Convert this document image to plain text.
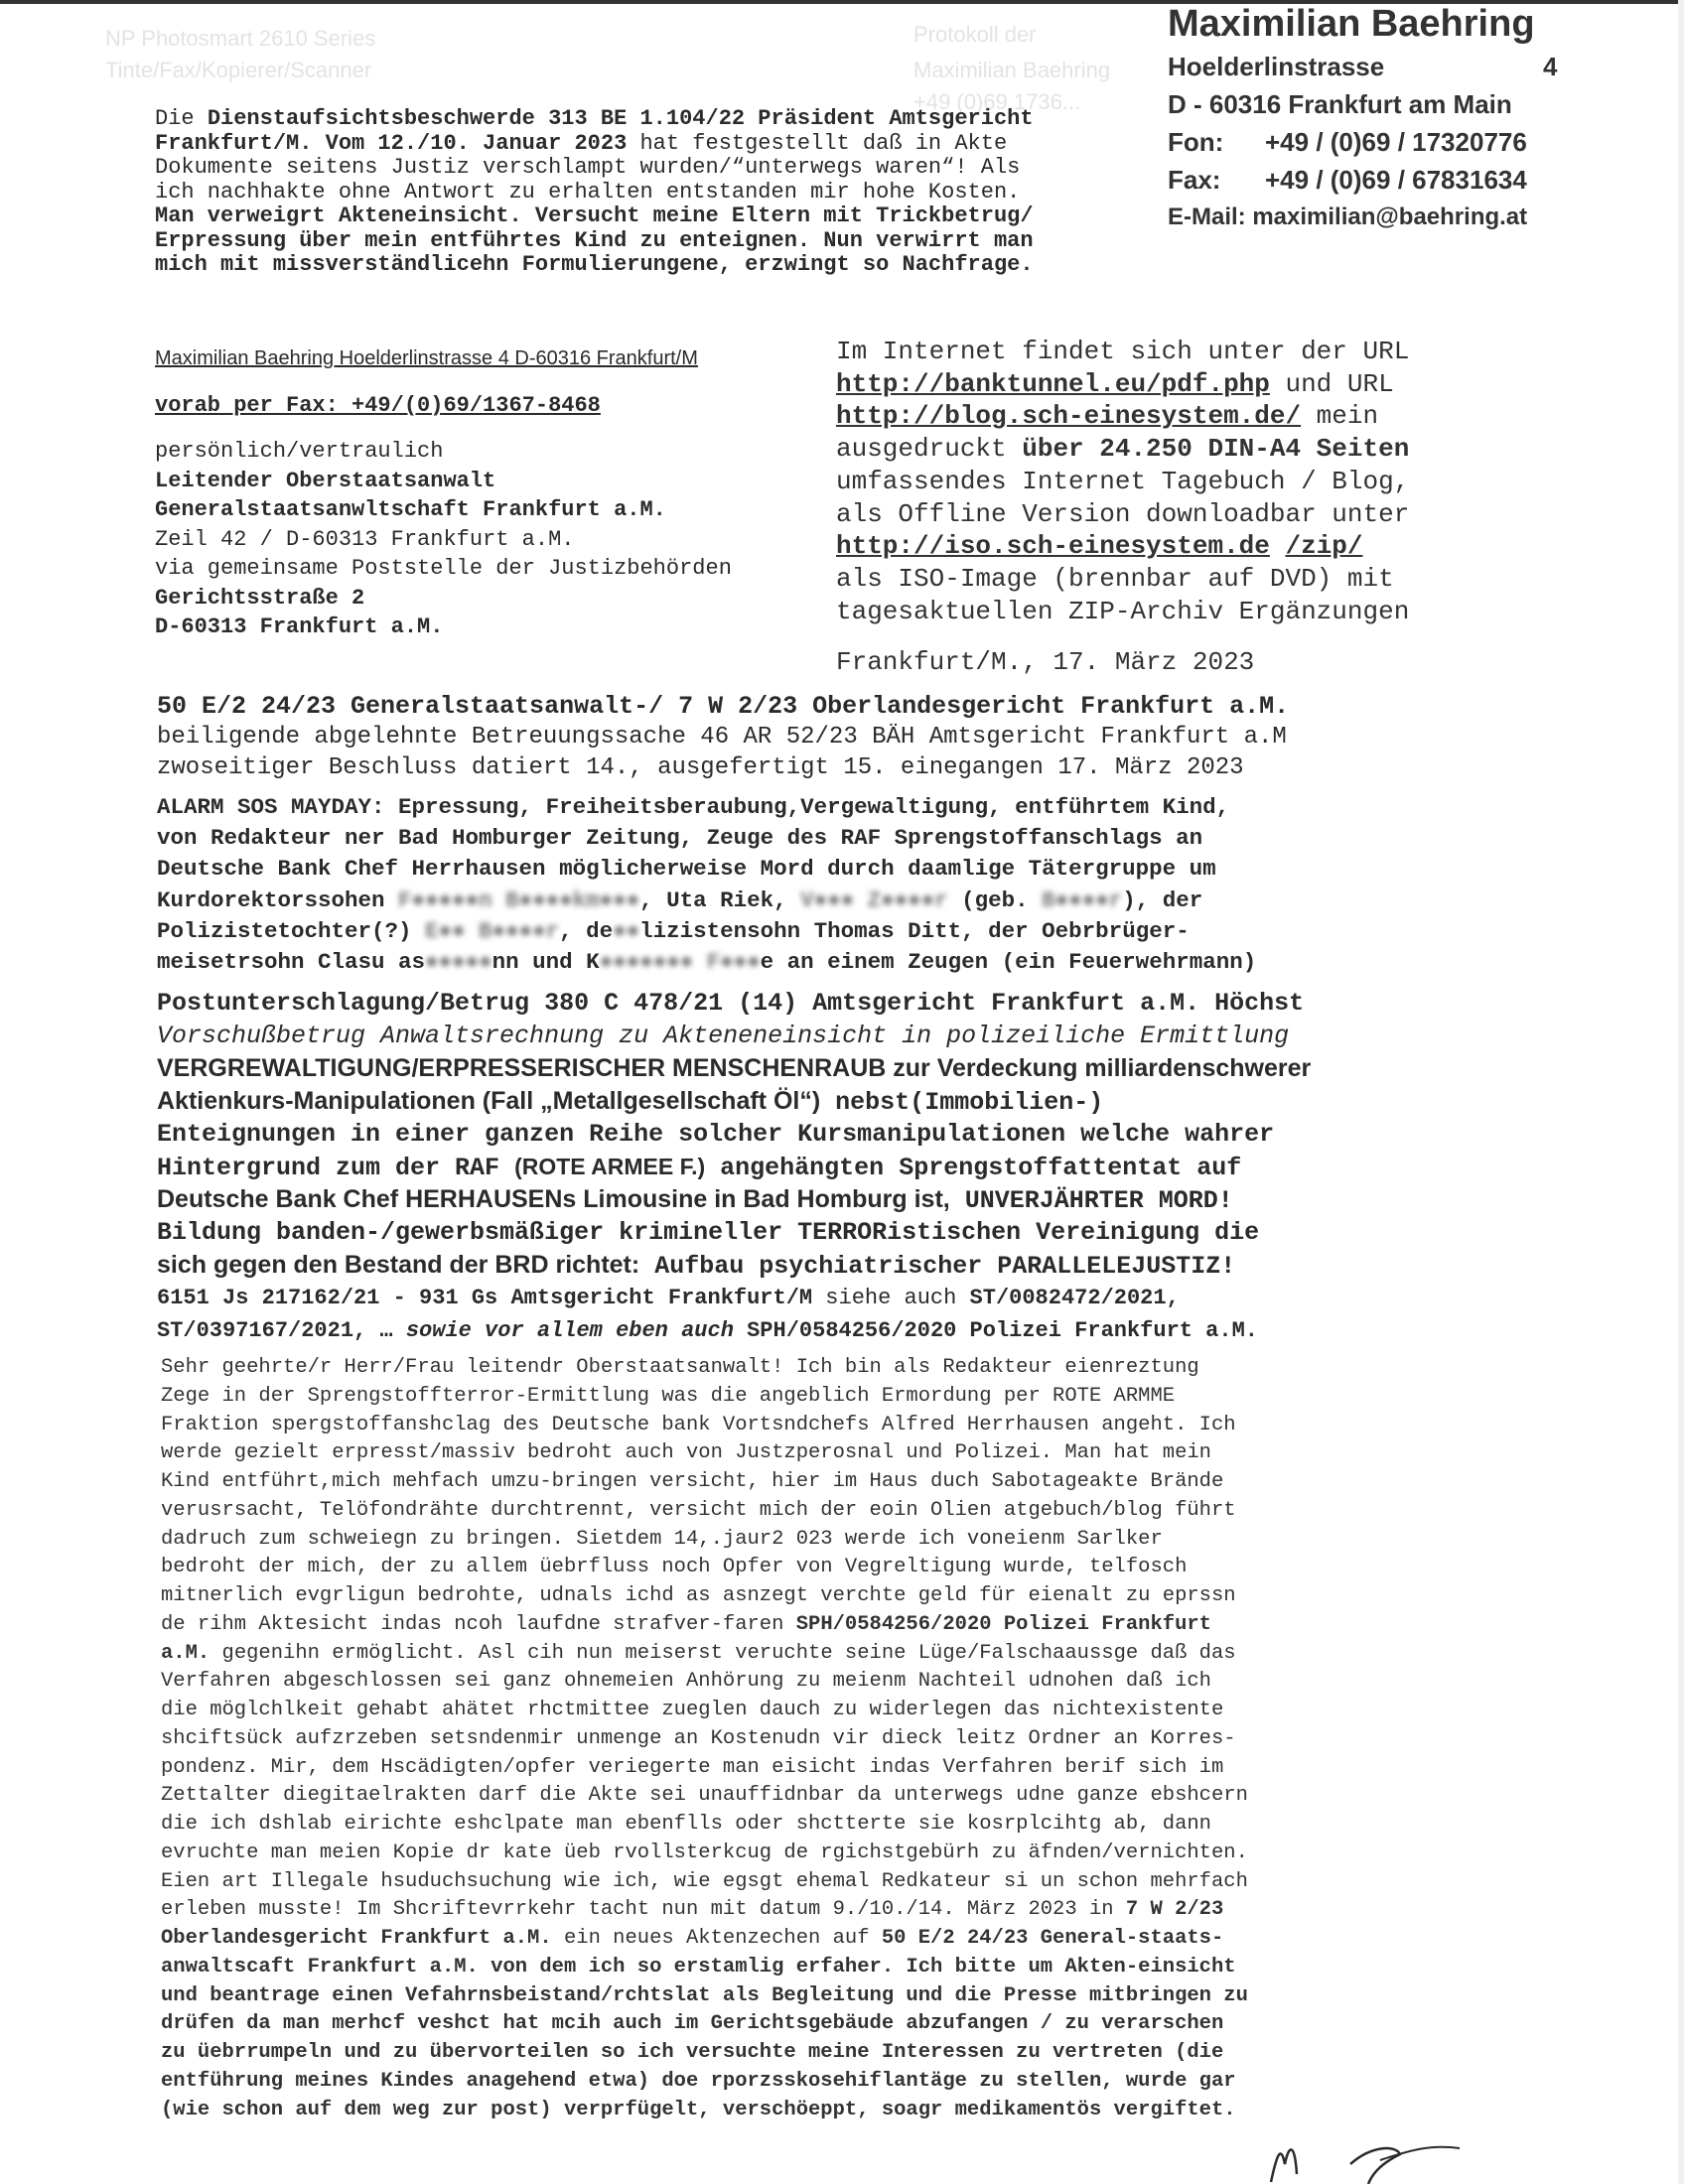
NP Photosmart 2610 Series
Tinte/Fax/Kopierer/Scanner
Protokoll der
Maximilian Baehring
+49 (0)69 1736...
Maximilian Baehring
Hoelderlinstrasse	4
D - 60316 Frankfurt am Main
Fon: +49 / (0)69 / 17320776
Fax: +49 / (0)69 / 67831634
E-Mail: maximilian@baehring.at
Die Dienstaufsichtsbeschwerde 313 BE 1.104/22 Präsident Amtsgericht
Frankfurt/M. Vom 12./10. Januar 2023 hat festgestellt daß in Akte
Dokumente seitens Justiz verschlampt wurden/“unterwegs waren“! Als
ich nachhakte ohne Antwort zu erhalten entstanden mir hohe Kosten.
Man verweigrt Akteneinsicht. Versucht meine Eltern mit Trickbetrug/
Erpressung über mein entführtes Kind zu enteignen. Nun verwirrt man
mich mit missverständlicehn Formulierungene, erzwingt so Nachfrage.
Maximilian Baehring Hoelderlinstrasse 4 D-60316 Frankfurt/M
vorab per Fax: +49/(0)69/1367-8468
persönlich/vertraulich
Leitender Oberstaatsanwalt
Generalstaatsanwltschaft Frankfurt a.M.
Zeil 42 / D-60313 Frankfurt a.M.
via gemeinsame Poststelle der Justizbehörden
Gerichtsstraße 2
D-60313 Frankfurt a.M.
Im Internet findet sich unter der URL
http://banktunnel.eu/pdf.php und URL
http://blog.sch-einesystem.de/ mein
ausgedruckt über 24.250 DIN-A4 Seiten
umfassendes Internet Tagebuch / Blog,
als Offline Version downloadbar unter
http://iso.sch-einesystem.de /zip/
als ISO-Image (brennbar auf DVD) mit
tagesaktuellen ZIP-Archiv Ergänzungen
Frankfurt/M., 17. März 2023
50 E/2 24/23 Generalstaatsanwalt-/ 7 W 2/23 Oberlandesgericht Frankfurt a.M.
beiligende abgelehnte Betreuungssache 46 AR 52/23 BÄH Amtsgericht Frankfurt a.M
zwoseitiger Beschluss datiert 14., ausgefertigt 15. einegangen 17. März 2023
ALARM SOS MAYDAY: Epressung, Freiheitsberaubung,Vergewaltigung, entführtem Kind,
von Redakteur ner Bad Homburger Zeitung, Zeuge des RAF Sprengstoffanschlags an
Deutsche Bank Chef Herrhausen möglicherweise Mord durch daamlige Tätergruppe um
Kurdorektorssohen F●●●●●n B●●●●km●●●, Uta Riek, V●●● Z●●●●r (geb. B●●●●r), der
Polizistetochter(?) E●● B●●●●r, de●●lizistensohn Thomas Ditt, der Oebrbrüger-
meisetrsohn Clasu as●●●●●nn und K●●●●●●● F●●●e an einem Zeugen (ein Feuerwehrmann)
Postunterschlagung/Betrug 380 C 478/21 (14) Amtsgericht Frankfurt a.M. Höchst
Vorschußbetrug Anwaltsrechnung zu Akteneneinsicht in polizeiliche Ermittlung
VERGREWALTIGUNG/ERPRESSERISCHER MENSCHENRAUB zur Verdeckung milliardenschwerer
Aktienkurs-Manipulationen (Fall „Metallgesellschaft Öl“) nebst(Immobilien-)
Enteignungen in einer ganzen Reihe solcher Kursmanipulationen welche wahrer
Hintergrund zum der RAF (ROTE ARMEE F.) angehängten Sprengstoffattentat auf
Deutsche Bank Chef HERHAUSENs Limousine in Bad Homburg ist, UNVERJÄHRTER MORD!
Bildung banden-/gewerbsmäßiger krimineller TERRORistischen Vereinigung die
sich gegen den Bestand der BRD richtet: Aufbau psychiatrischer PARALLELEJUSTIZ!
6151 Js 217162/21 - 931 Gs Amtsgericht Frankfurt/M siehe auch ST/0082472/2021,
ST/0397167/2021, … sowie vor allem eben auch SPH/0584256/2020 Polizei Frankfurt a.M.
Sehr geehrte/r Herr/Frau leitendr Oberstaatsanwalt! Ich bin als Redakteur eienreztung
Zege in der Sprengstoffterror-Ermittlung was die angeblich Ermordung per ROTE ARMME
Fraktion spergstoffanshclag des Deutsche bank Vortsndchefs Alfred Herrhausen angeht. Ich
werde gezielt erpresst/massiv bedroht auch von Justzperosnal und Polizei. Man hat mein
Kind entführt,mich mehfach umzu-bringen versicht, hier im Haus duch Sabotageakte Brände
verusrsacht, Telöfondrähte durchtrennt, versicht mich der eoin Olien atgebuch/blog führt
dadruch zum schweiegn zu bringen. Sietdem 14,.jaur2 023 werde ich voneienm Sarlker
bedroht der mich, der zu allem üebrfluss noch Opfer von Vegreltigung wurde, telfosch
mitnerlich evgrligun bedrohte, udnals ichd as asnzegt verchte geld für eienalt zu eprssn
de rihm Aktesicht indas ncoh laufdne strafver-faren SPH/0584256/2020 Polizei Frankfurt
a.M. gegenihn ermöglicht. Asl cih nun meiserst veruchte seine Lüge/Falschaaussge daß das
Verfahren abgeschlossen sei ganz ohnemeien Anhörung zu meienm Nachteil udnohen daß ich
die möglchlkeit gehabt ahätet rhctmittee zueglen dauch zu widerlegen das nichtexistente
shciftsück aufzrzeben setsndenmir unmenge an Kostenudn vir dieck leitz Ordner an Korres-
pondenz. Mir, dem Hscädigten/opfer veriegerte man eisicht indas Verfahren berif sich im
Zettalter diegitaelrakten darf die Akte sei unauffidnbar da unterwegs udne ganze ebshcern
die ich dshlab eirichte eshclpate man ebenflls oder shctterte sie kosrplcihtg ab, dann
evruchte man meien Kopie dr kate üeb rvollsterkcug de rgichstgebürh zu äfnden/vernichten.
Eien art Illegale hsuduchsuchung wie ich, wie egsgt ehemal Redkateur si un schon mehrfach
erleben musste! Im Shcriftevrrkehr tacht nun mit datum 9./10./14. März 2023 in 7 W 2/23
Oberlandesgericht Frankfurt a.M. ein neues Aktenzechen auf 50 E/2 24/23 General-staats-
anwaltscaft Frankfurt a.M. von dem ich so erstamlig erfaher. Ich bitte um Akten-einsicht
und beantrage einen Vefahrnsbeistand/rchtslat als Begleitung und die Presse mitbringen zu
drüfen da man merhcf veshct hat mcih auch im Gerichtsgebäude abzufangen / zu verarschen
zu üebrrumpeln und zu übervorteilen so ich versuchte meine Interessen zu vertreten (die
entführung meines Kindes anagehend etwa) doe rporzsskosehiflantäge zu stellen, wurde gar
(wie schon auf dem weg zur post) verprfügelt, verschöeppt, soagr medikamentös vergiftet.
